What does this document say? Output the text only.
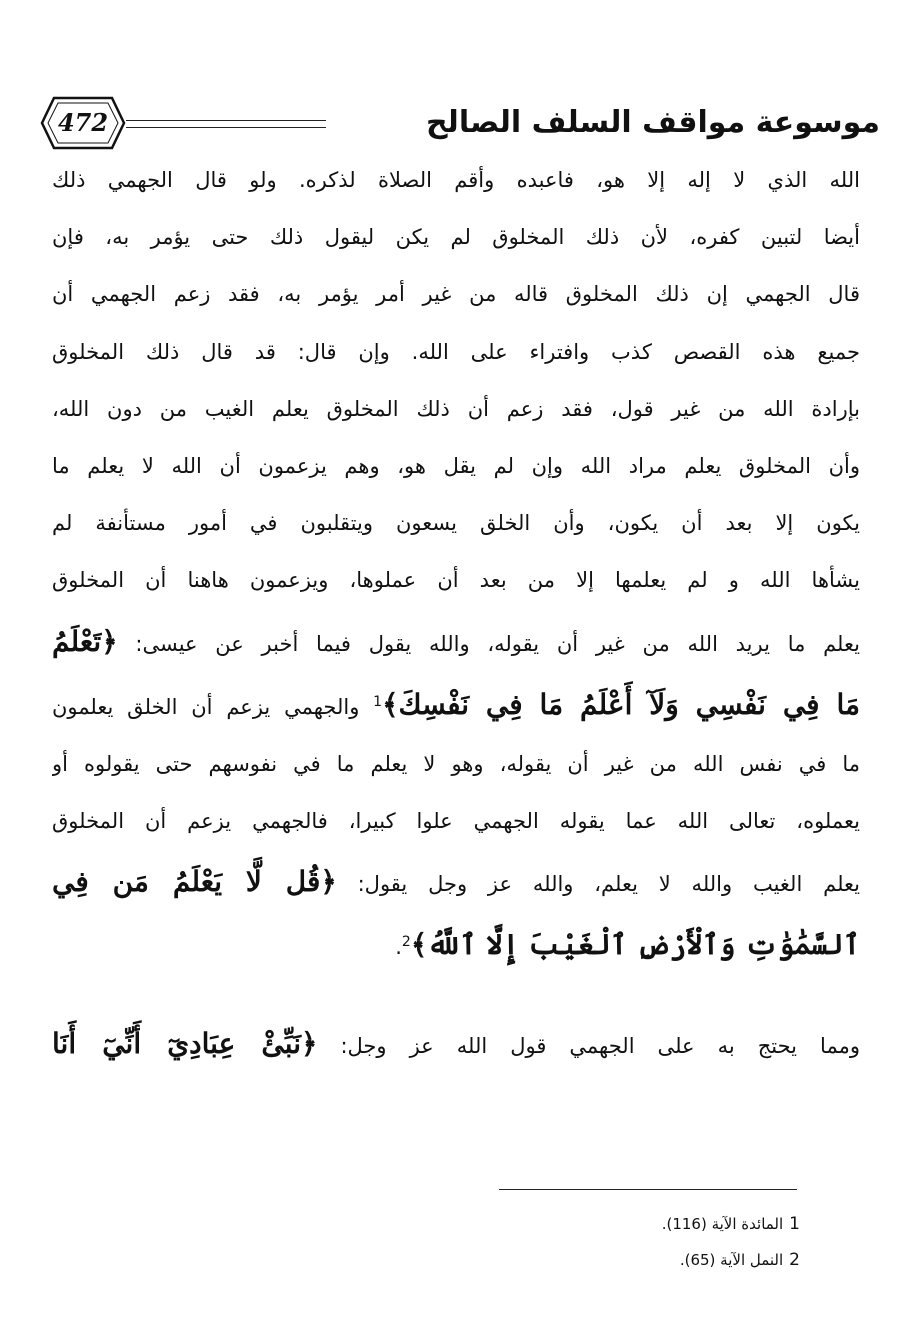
472	موسوعة مواقف السلف الصالح
الله الذي لا إله إلا هو، فاعبده وأقم الصلاة لذكره. ولو قال الجهمي ذلك
أيضا لتبين كفره، لأن ذلك المخلوق لم يكن ليقول ذلك حتى يؤمر به، فإن
قال الجهمي إن ذلك المخلوق قاله من غير أمر يؤمر به، فقد زعم الجهمي أن
جميع هذه القصص كذب وافتراء على الله. وإن قال: قد قال ذلك المخلوق
بإرادة الله من غير قول، فقد زعم أن ذلك المخلوق يعلم الغيب من دون الله،
وأن المخلوق يعلم مراد الله وإن لم يقل هو، وهم يزعمون أن الله لا يعلم ما
يكون إلا بعد أن يكون، وأن الخلق يسعون ويتقلبون في أمور مستأنفة لم
يشأها الله و لم يعلمها إلا من بعد أن عملوها، ويزعمون هاهنا أن المخلوق
يعلم ما يريد الله من غير أن يقوله، والله يقول فيما أخبر عن عيسى: ﴿تَعْلَمُ
مَا فِي نَفْسِي وَلَآ أَعْلَمُ مَا فِي نَفْسِكَ﴾$^1$ والجهمي يزعم أن الخلق يعلمون
ما في نفس الله من غير أن يقوله، وهو لا يعلم ما في نفوسهم حتى يقولوه أو
يعملوه، تعالى الله عما يقوله الجهمي علوا كبيرا، فالجهمي يزعم أن المخلوق
يعلم الغيب والله لا يعلم، والله عز وجل يقول: ﴿قُل لَّا يَعْلَمُ مَن فِي
ٱلسَّمَٰوَٰتِ وَٱلْأَرْضِ ٱلْغَيْبَ إِلَّا ٱللَّهُ﴾$^2$.
ومما يحتج به على الجهمي قول الله عز وجل: ﴿نَبِّئْ عِبَادِيٓ أَنِّيٓ أَنَا
1المائدة الآية (116).
2النمل الآية (65).
